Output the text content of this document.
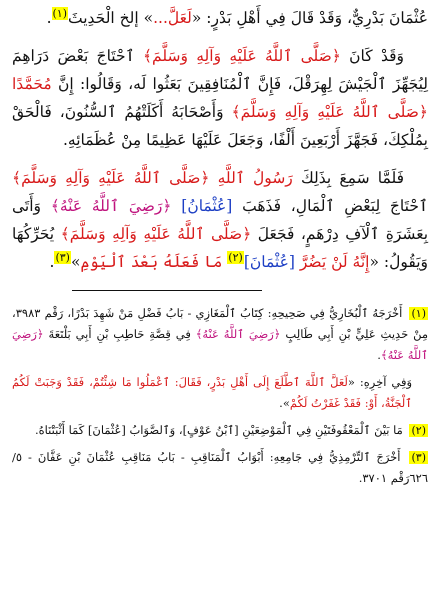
عُثْمَانَ بَدْرِيٌّ، وَقَدْ قَالَ فِي أَهْلِ بَدْرٍ: «لَعَلَّ...» إلخ الْحَدِيثَ$^{(١)}$.

وَقَدْ كَانَ ﴿صَلَّى ٱللَّهُ عَلَيْهِ وَآلِهِ وَسَلَّمَ﴾ ٱحْتَاجَ بَعْضَ دَرَاهِمَ لِيُجَهِّزَ ٱلْجَيْشَ لِهِرَقْلَ، فَإِنَّ ٱلْمُنَافِقِينَ بَعَثُوا لَه، وَقَالُوا: إِنَّ مُحَمَّدًا ﴿صَلَّى ٱللَّهُ عَلَيْهِ وَآلِهِ وَسَلَّمَ﴾ وَأَصْحَابَهُ أَكَلَتْهُمُ ٱلسُّنُونَ، فَالْحَقْ بِمُلْكِكَ، فَجَهَّزَ أَرْبَعِينَ أَلْفًا، وَجَعَلَ عَلَيْهَا عَظِيمًا مِنْ عُظَمَائِهِ.

فَلَمَّا سَمِعَ بِذَلِكَ رَسُولُ ٱللَّهِ ﴿صَلَّى ٱللَّهُ عَلَيْهِ وَآلِهِ وَسَلَّمَ﴾ ٱحْتَاجَ لِبَعْضِ ٱلْمَالِ، فَذَهَبَ [عُثْمَانُ] ﴿رَضِيَ ٱللَّهُ عَنْهُ﴾ وَأَتَى بِعَشَرَةِ ٱلْآفِ دِرْهَمٍ، فَجَعَلَ ﴿صَلَّى ٱللَّهُ عَلَيْهِ وَآلِهِ وَسَلَّمَ﴾ يُحَرِّكُهَا وَيَقُولُ: «إِنَّهُ لَنْ يَضُرَّ [عُثْمَانَ]$^{(٢)}$ مَا فَعَلَهُ بَعْدَ ٱلْيَوْمِ»$^{(٣)}$.

(١) أَخْرَجَهُ ٱلْبُخَارِيُّ فِي صَحِيحِهِ: كِتَابُ ٱلْمَغَازِي - بَابُ فَضْلِ مَنْ شَهِدَ بَدْرًا، رَقْم ٣٩٨٣، مِنْ حَدِيثِ عَلِيٍّ بْنِ أَبِي طَالِبٍ ﴿رَضِيَ ٱللَّهُ عَنْهُ﴾ فِي قِصَّةِ حَاطِبِ بْنِ أَبِي بَلْتَعَةَ ﴿رَضِيَ ٱللَّهُ عَنْهُ﴾.

وَفِي آخِرِهِ: «لَعَلَّ ٱللَّهَ ٱطَّلَعَ إِلَى أَهْلِ بَدْرٍ، فَقَالَ: ٱعْمَلُوا مَا شِئْتُمْ، فَقَدْ وَجَبَتْ لَكُمُ ٱلْجَنَّةُ، أَوْ: فَقَدْ غَفَرْتُ لَكُمْ».

(٢) مَا بَيْنَ ٱلْمَعْقُوفَتَيْنِ فِي ٱلْمَوْضِعَيْنِ [ٱبْنُ عَوْفٍ]، وَٱلصَّوَابُ [عُثْمَانَ] كَمَا أَثْبَتْنَاهُ.

(٣) أَخْرَجَ ٱلتِّرْمِذِيُّ فِي جَامِعِهِ: أَبْوَابُ ٱلْمَنَاقِبِ - بَابُ مَنَاقِبِ عُثْمَانَ بْنِ عَفَّانَ - ٥/ ٦٢٦رَقْم ٣٧٠١.
